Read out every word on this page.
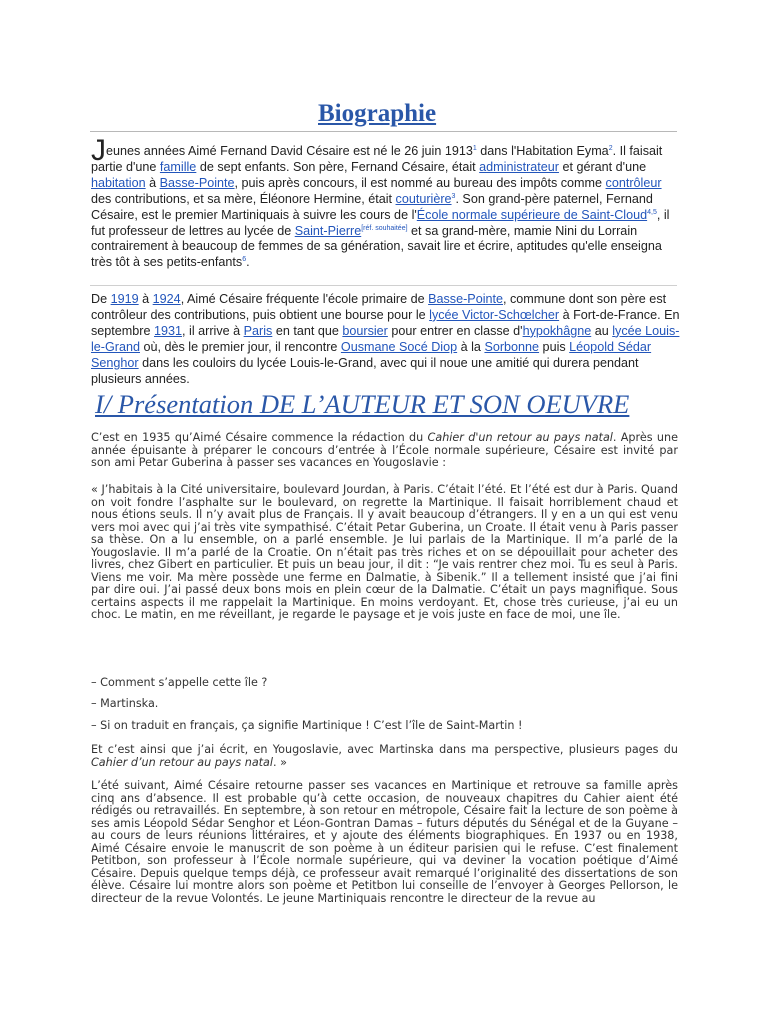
Biographie

Jeunes années Aimé Fernand David Césaire est né le 26 juin 1913$^1$ dans l'Habitation Eyma$^2$. Il faisait partie d'une famille de sept enfants. Son père, Fernand Césaire, était administrateur et gérant d'une habitation à Basse-Pointe, puis après concours, il est nommé au bureau des impôts comme contrôleur des contributions, et sa mère, Éléonore Hermine, était couturière$^3$. Son grand-père paternel, Fernand Césaire, est le premier Martiniquais à suivre les cours de l'École normale supérieure de Saint-Cloud$^{4,5}$, il fut professeur de lettres au lycée de Saint-Pierre[réf. souhaitée] et sa grand-mère, mamie Nini du Lorrain contrairement à beaucoup de femmes de sa génération, savait lire et écrire, aptitudes qu'elle enseigna très tôt à ses petits-enfants$^6$.

De 1919 à 1924, Aimé Césaire fréquente l'école primaire de Basse-Pointe, commune dont son père est contrôleur des contributions, puis obtient une bourse pour le lycée Victor-Schœlcher à Fort-de-France. En septembre 1931, il arrive à Paris en tant que boursier pour entrer en classe d'hypokhâgne au lycée Louis-le-Grand où, dès le premier jour, il rencontre Ousmane Socé Diop à la Sorbonne puis Léopold Sédar Senghor dans les couloirs du lycée Louis-le-Grand, avec qui il noue une amitié qui durera pendant plusieurs années.

I/ Présentation DE L’AUTEUR ET SON OEUVRE

C’est en 1935 qu’Aimé Césaire commence la rédaction du Cahier d'un retour au pays natal. Après une année épuisante à préparer le concours d’entrée à l’École normale supérieure, Césaire est invité par son ami Petar Guberina à passer ses vacances en Yougoslavie :

« J’habitais à la Cité universitaire, boulevard Jourdan, à Paris. C’était l’été. Et l’été est dur à Paris. Quand on voit fondre l’asphalte sur le boulevard, on regrette la Martinique. Il faisait horriblement chaud et nous étions seuls. Il n’y avait plus de Français. Il y avait beaucoup d’étrangers. Il y en a un qui est venu vers moi avec qui j’ai très vite sympathisé. C’était Petar Guberina, un Croate. Il était venu à Paris passer sa thèse. On a lu ensemble, on a parlé ensemble. Je lui parlais de la Martinique. Il m’a parlé de la Yougoslavie. Il m’a parlé de la Croatie. On n’était pas très riches et on se dépouillait pour acheter des livres, chez Gibert en particulier. Et puis un beau jour, il dit : “Je vais rentrer chez moi. Tu es seul à Paris. Viens me voir. Ma mère possède une ferme en Dalmatie, à Sibenik.” Il a tellement insisté que j’ai fini par dire oui. J’ai passé deux bons mois en plein cœur de la Dalmatie. C’était un pays magnifique. Sous certains aspects il me rappelait la Martinique. En moins verdoyant. Et, chose très curieuse, j’ai eu un choc. Le matin, en me réveillant, je regarde le paysage et je vois juste en face de moi, une île.

– Comment s’appelle cette île ?

– Martinska.

– Si on traduit en français, ça signifie Martinique ! C’est l’île de Saint-Martin !

Et c’est ainsi que j’ai écrit, en Yougoslavie, avec Martinska dans ma perspective, plusieurs pages du Cahier d’un retour au pays natal. »

L’été suivant, Aimé Césaire retourne passer ses vacances en Martinique et retrouve sa famille après cinq ans d’absence. Il est probable qu’à cette occasion, de nouveaux chapitres du Cahier aient été rédigés ou retravaillés. En septembre, à son retour en métropole, Césaire fait la lecture de son poème à ses amis Léopold Sédar Senghor et Léon-Gontran Damas – futurs députés du Sénégal et de la Guyane – au cours de leurs réunions littéraires, et y ajoute des éléments biographiques. En 1937 ou en 1938, Aimé Césaire envoie le manuscrit de son poème à un éditeur parisien qui le refuse. C’est finalement Petitbon, son professeur à l’École normale supérieure, qui va deviner la vocation poétique d’Aimé Césaire. Depuis quelque temps déjà, ce professeur avait remarqué l’originalité des dissertations de son élève. Césaire lui montre alors son poème et Petitbon lui conseille de l’envoyer à Georges Pellorson, le directeur de la revue Volontés. Le jeune Martiniquais rencontre le directeur de la revue au
